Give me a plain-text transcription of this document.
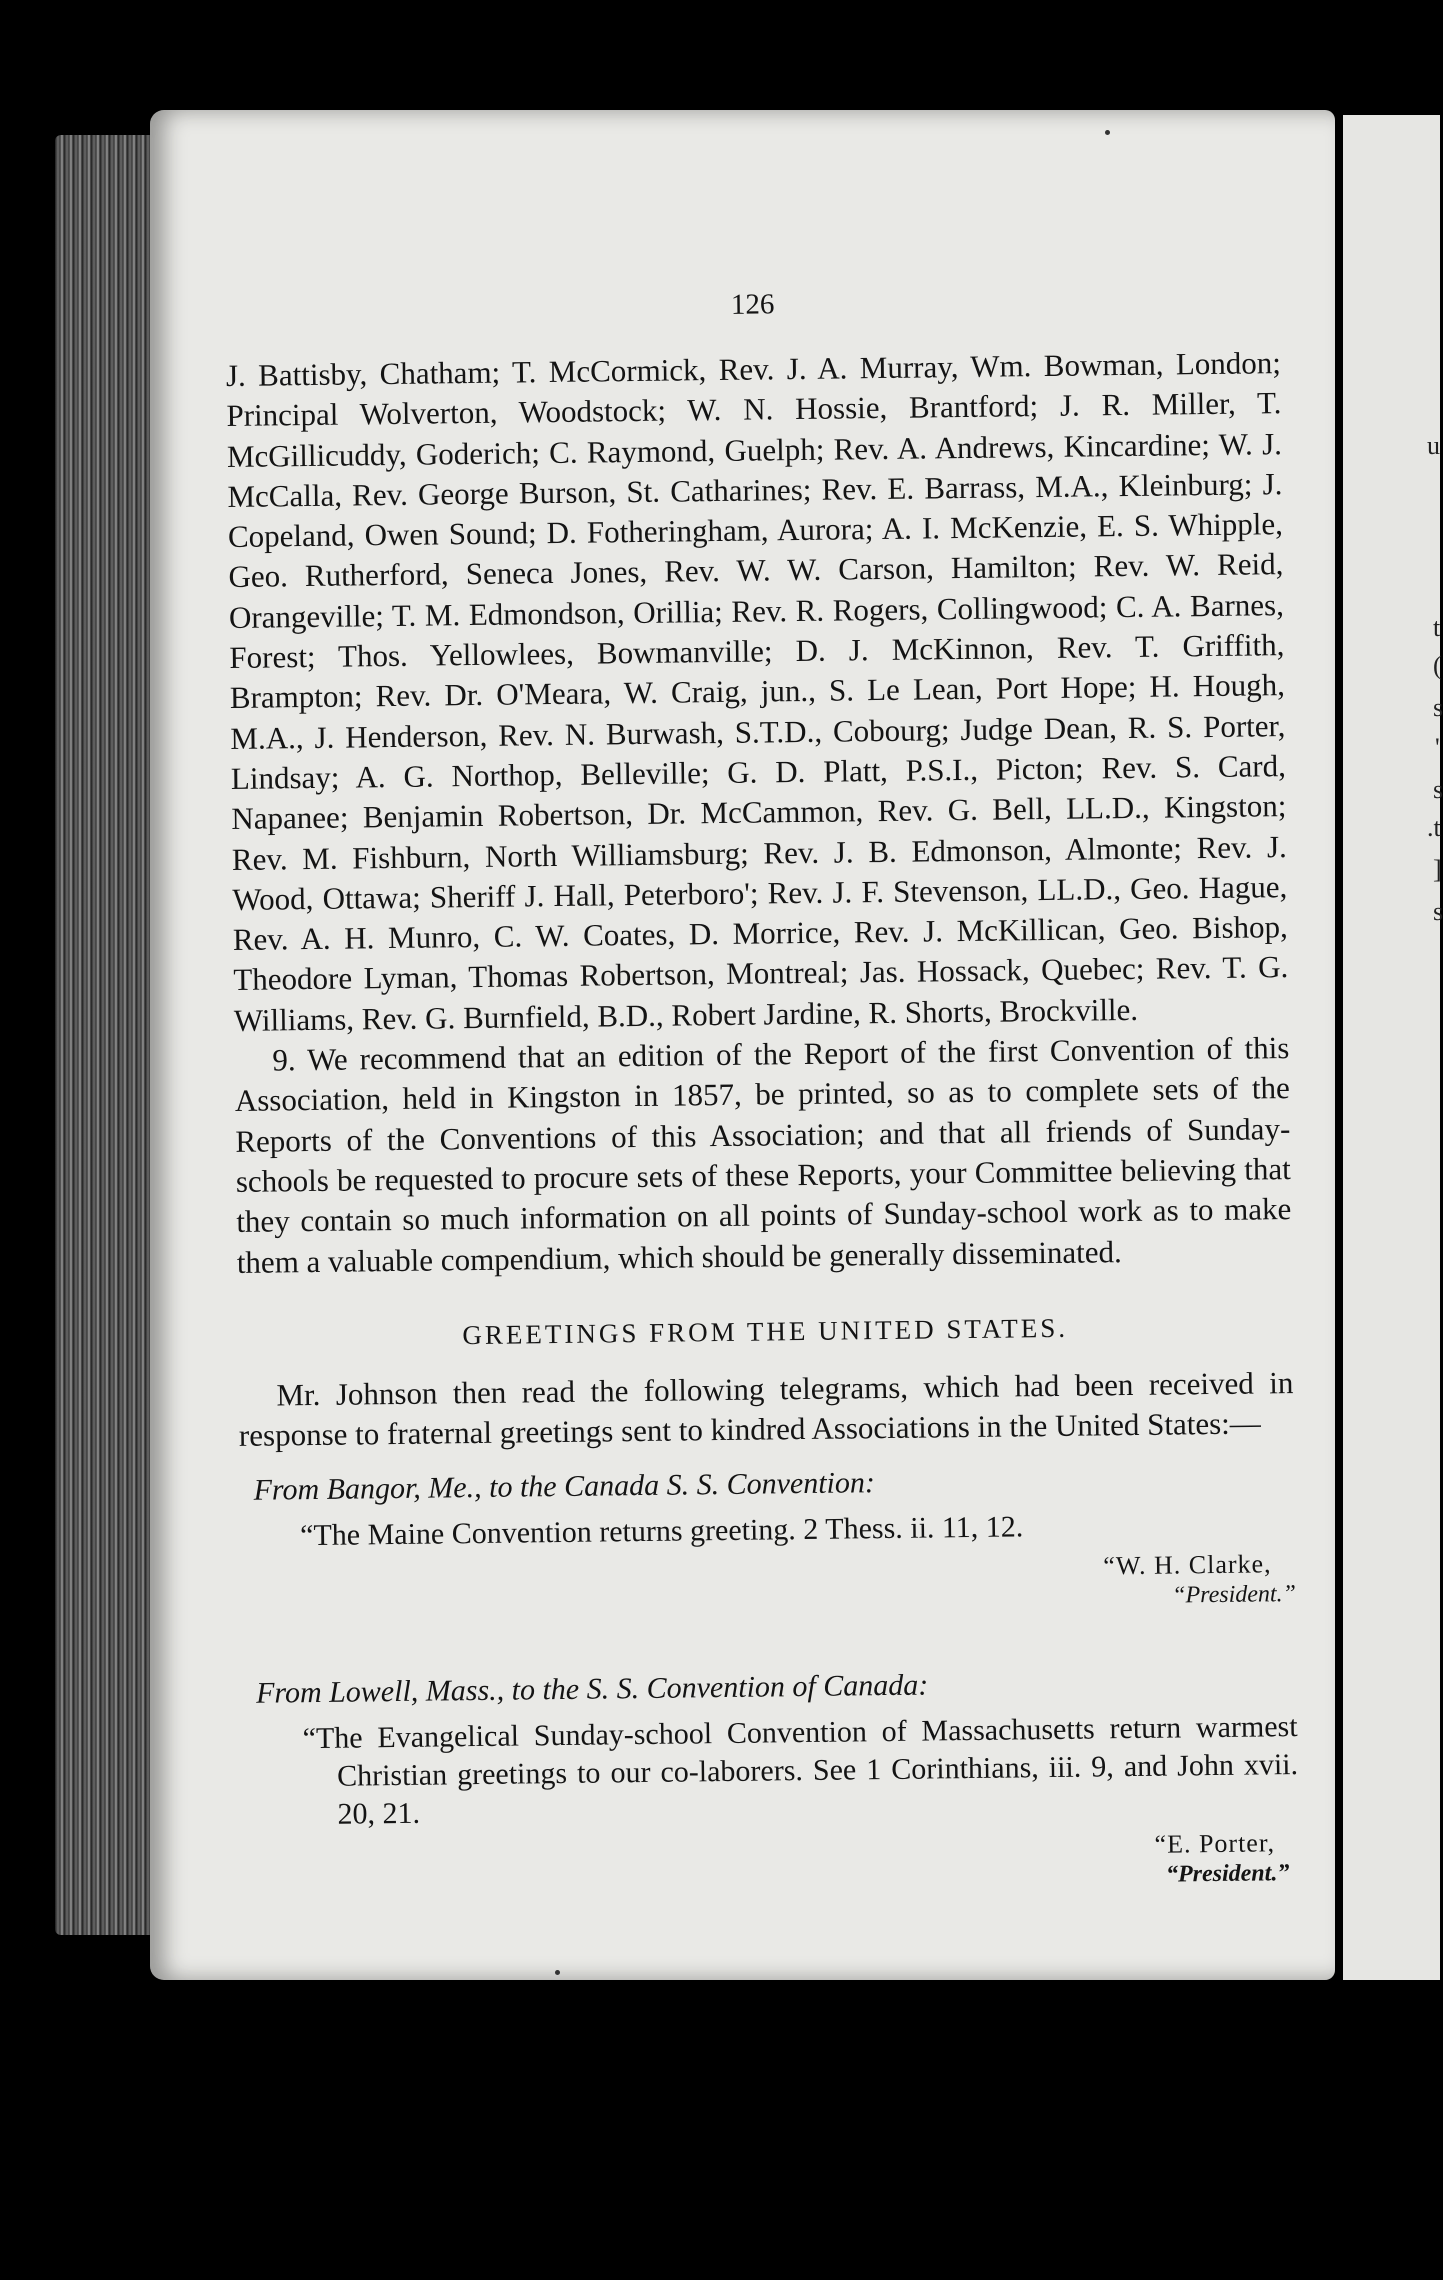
u
t
(
s
'
s
.t
]
s
126

J. Battisby, Chatham; T. McCormick, Rev. J. A. Murray, Wm. Bowman, London; Principal Wolverton, Woodstock; W. N. Hossie, Brantford; J. R. Miller, T. McGillicuddy, Goderich; C. Raymond, Guelph; Rev. A. Andrews, Kincardine; W. J. McCalla, Rev. George Burson, St. Catharines; Rev. E. Barrass, M.A., Kleinburg; J. Copeland, Owen Sound; D. Fotheringham, Aurora; A. I. McKenzie, E. S. Whipple, Geo. Rutherford, Seneca Jones, Rev. W. W. Carson, Hamilton; Rev. W. Reid, Orangeville; T. M. Edmondson, Orillia; Rev. R. Rogers, Collingwood; C. A. Barnes, Forest; Thos. Yellowlees, Bowmanville; D. J. McKinnon, Rev. T. Griffith, Brampton; Rev. Dr. O'Meara, W. Craig, jun., S. Le Lean, Port Hope; H. Hough, M.A., J. Henderson, Rev. N. Burwash, S.T.D., Cobourg; Judge Dean, R. S. Porter, Lindsay; A. G. Northop, Belleville; G. D. Platt, P.S.I., Picton; Rev. S. Card, Napanee; Benjamin Robertson, Dr. McCammon, Rev. G. Bell, LL.D., Kingston; Rev. M. Fishburn, North Williamsburg; Rev. J. B. Edmonson, Almonte; Rev. J. Wood, Ottawa; Sheriff J. Hall, Peterboro'; Rev. J. F. Stevenson, LL.D., Geo. Hague, Rev. A. H. Munro, C. W. Coates, D. Morrice, Rev. J. McKillican, Geo. Bishop, Theodore Lyman, Thomas Robertson, Montreal; Jas. Hossack, Quebec; Rev. T. G. Williams, Rev. G. Burnfield, B.D., Robert Jardine, R. Shorts, Brockville.

9. We recommend that an edition of the Report of the first Convention of this Association, held in Kingston in 1857, be printed, so as to complete sets of the Reports of the Conventions of this Association; and that all friends of Sunday-schools be requested to procure sets of these Reports, your Committee believing that they contain so much information on all points of Sunday-school work as to make them a valuable compendium, which should be generally disseminated.

GREETINGS FROM THE UNITED STATES.

Mr. Johnson then read the following telegrams, which had been received in response to fraternal greetings sent to kindred Associations in the United States:—

From Bangor, Me., to the Canada S. S. Convention:
“The Maine Convention returns greeting. 2 Thess. ii. 11, 12.
“W. H. Clarke,
“President.”
From Lowell, Mass., to the S. S. Convention of Canada:
“The Evangelical Sunday-school Convention of Massachusetts return warmest Christian greetings to our co-laborers. See 1 Corinthians, iii. 9, and John xvii. 20, 21.
“E. Porter,
“President.”
